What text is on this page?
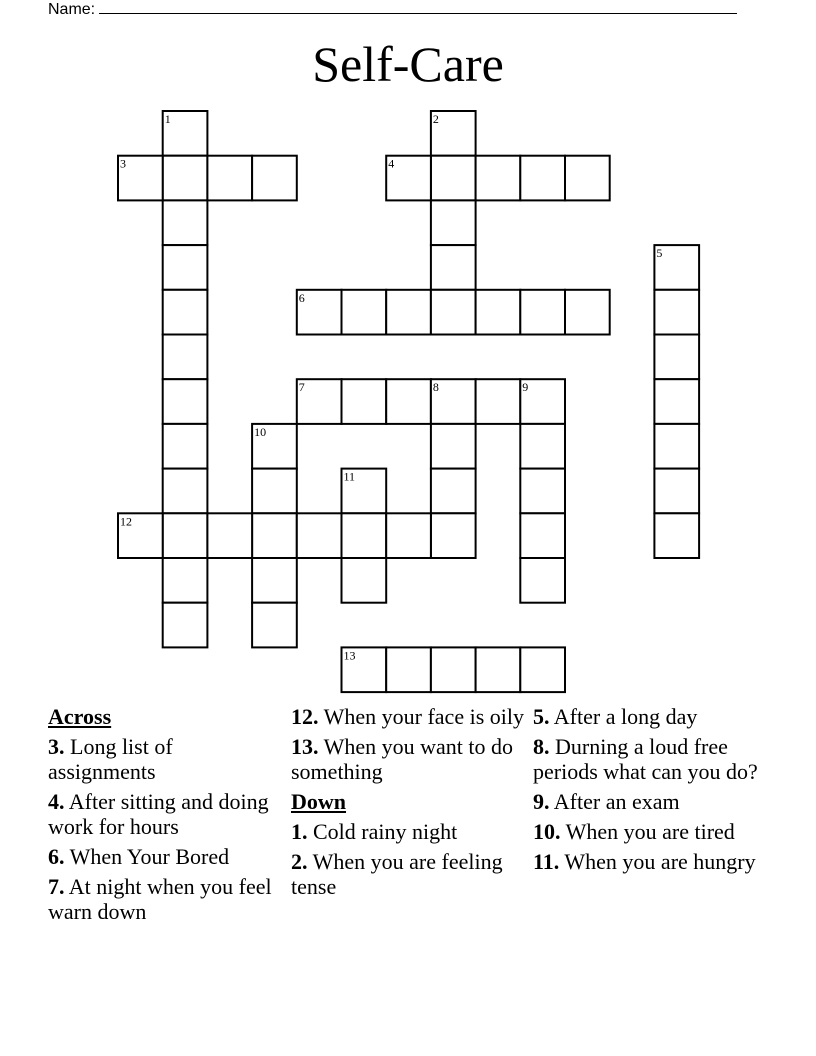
Name:
Self-Care
1	2
3	4
5
6
7	8	9
10
11
12
13
Across
3. Long list of assignments
4. After sitting and doing work for hours
6. When Your Bored
7. At night when you feel warn down
12. When your face is oily
13. When you want to do something
Down
1. Cold rainy night
2. When you are feeling tense
5. After a long day
8. Durning a loud free periods what can you do?
9. After an exam
10. When you are tired
11. When you are hungry
